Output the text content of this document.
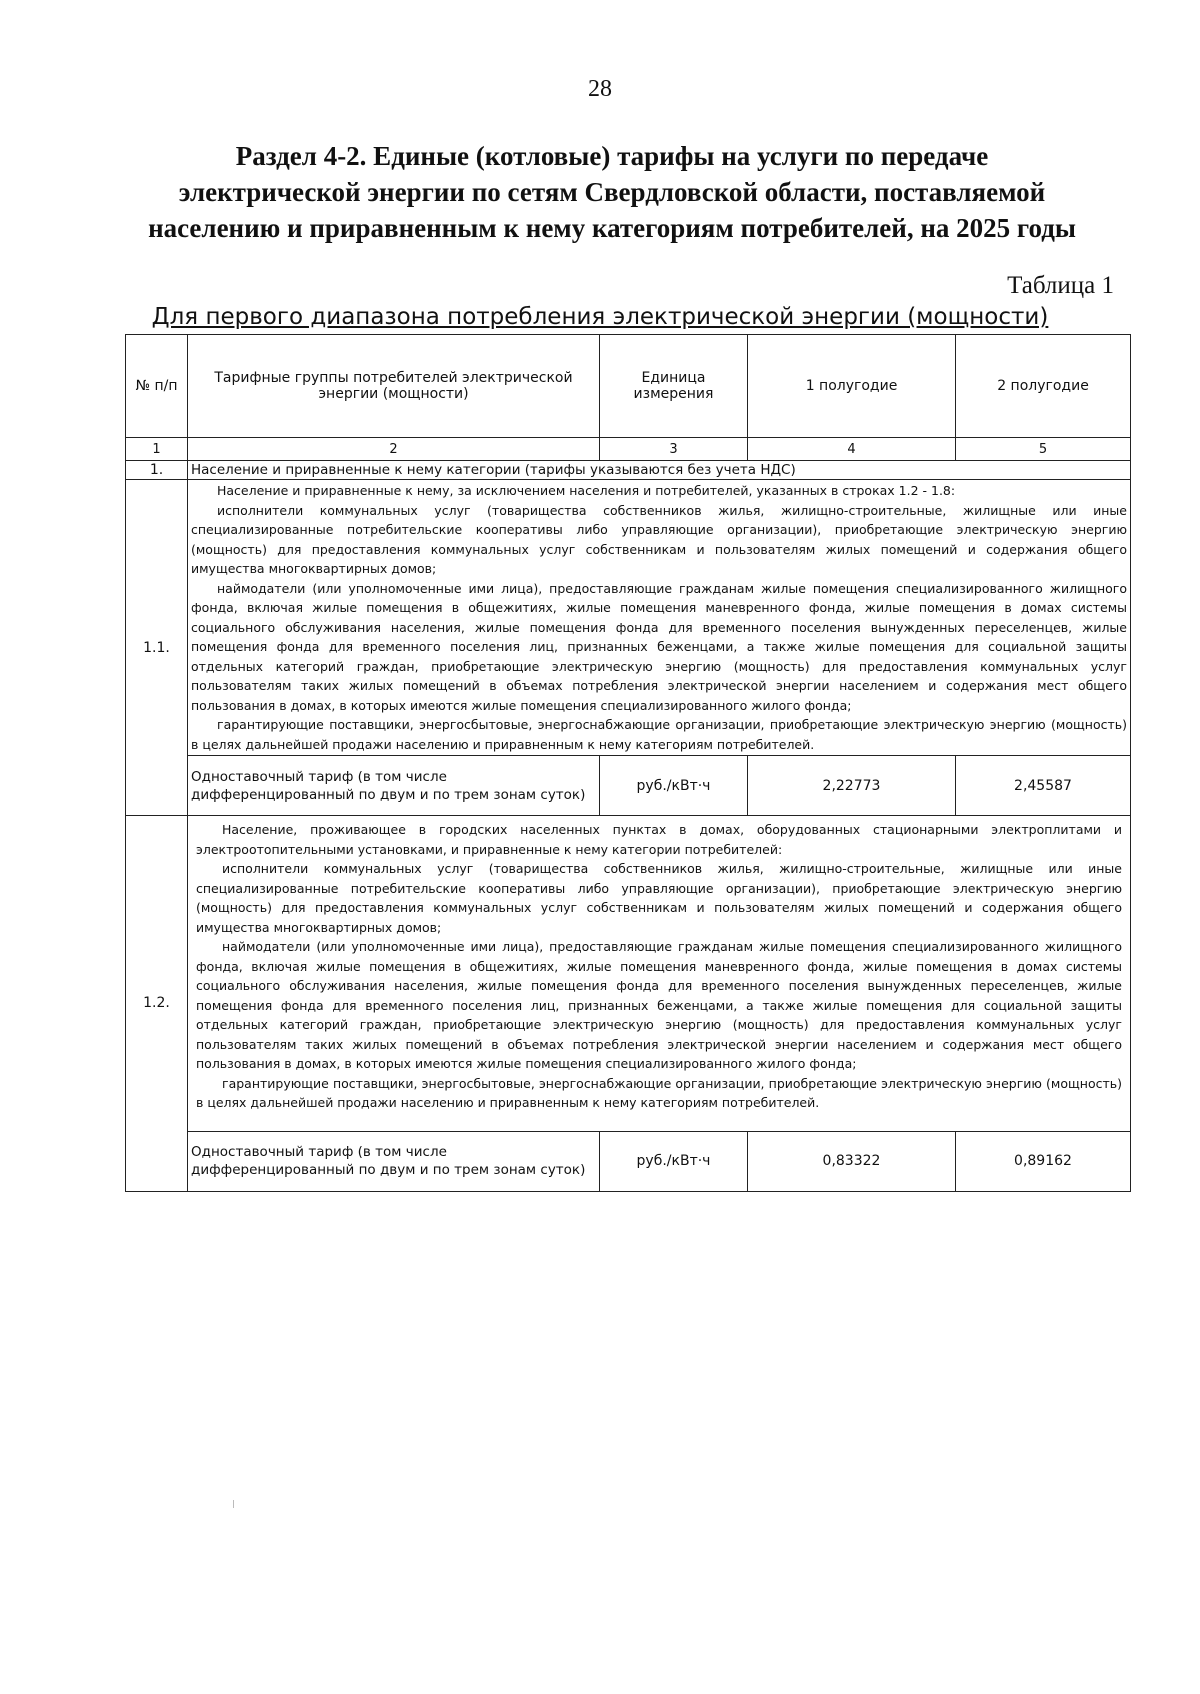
28
Раздел 4-2. Единые (котловые) тарифы на услуги по передаче
электрической энергии по сетям Свердловской области, поставляемой
населению и приравненным к нему категориям потребителей, на 2025 годы
Таблица 1
Для первого диапазона потребления электрической энергии (мощности)
№ п/п	Тарифные группы потребителей электрической энергии (мощности)	Единица измерения	1 полугодие	2 полугодие
1	2	3	4	5
1.	Население и приравненные к нему категории (тарифы указываются без учета НДС)			
1.1.	Население и приравненные к нему, за исключением населения и потребителей, указанных в строках 1.2 - 1.8:

исполнители коммунальных услуг (товарищества собственников жилья, жилищно-строительные, жилищные или иные специализированные потребительские кооперативы либо управляющие организации), приобретающие электрическую энергию (мощность) для предоставления коммунальных услуг собственникам и пользователям жилых помещений и содержания общего имущества многоквартирных домов;

наймодатели (или уполномоченные ими лица), предоставляющие гражданам жилые помещения специализированного жилищного фонда, включая жилые помещения в общежитиях, жилые помещения маневренного фонда, жилые помещения в домах системы социального обслуживания населения, жилые помещения фонда для временного поселения вынужденных переселенцев, жилые помещения фонда для временного поселения лиц, признанных беженцами, а также жилые помещения для социальной защиты отдельных категорий граждан, приобретающие электрическую энергию (мощность) для предоставления коммунальных услуг пользователям таких жилых помещений в объемах потребления электрической энергии населением и содержания мест общего пользования в домах, в которых имеются жилые помещения специализированного жилого фонда;

гарантирующие поставщики, энергосбытовые, энергоснабжающие организации, приобретающие электрическую энергию (мощность) в целях дальнейшей продажи населению и приравненным к нему категориям потребителей.			

	Одноставочный тариф (в том числе дифференцированный по двум и по трем зонам суток)	руб./кВт·ч	2,22773	2,45587
1.2.	Население, проживающее в городских населенных пунктах в домах, оборудованных стационарными электроплитами и электроотопительными установками, и приравненные к нему категории потребителей:

исполнители коммунальных услуг (товарищества собственников жилья, жилищно-строительные, жилищные или иные специализированные потребительские кооперативы либо управляющие организации), приобретающие электрическую энергию (мощность) для предоставления коммунальных услуг собственникам и пользователям жилых помещений и содержания общего имущества многоквартирных домов;

наймодатели (или уполномоченные ими лица), предоставляющие гражданам жилые помещения специализированного жилищного фонда, включая жилые помещения в общежитиях, жилые помещения маневренного фонда, жилые помещения в домах системы социального обслуживания населения, жилые помещения фонда для временного поселения вынужденных переселенцев, жилые помещения фонда для временного поселения лиц, признанных беженцами, а также жилые помещения для социальной защиты отдельных категорий граждан, приобретающие электрическую энергию (мощность) для предоставления коммунальных услуг пользователям таких жилых помещений в объемах потребления электрической энергии населением и содержания мест общего пользования в домах, в которых имеются жилые помещения специализированного жилого фонда;

гарантирующие поставщики, энергосбытовые, энергоснабжающие организации, приобретающие электрическую энергию (мощность) в целях дальнейшей продажи населению и приравненным к нему категориям потребителей.			

	Одноставочный тариф (в том числе дифференцированный по двум и по трем зонам суток)	руб./кВт·ч	0,83322	0,89162
